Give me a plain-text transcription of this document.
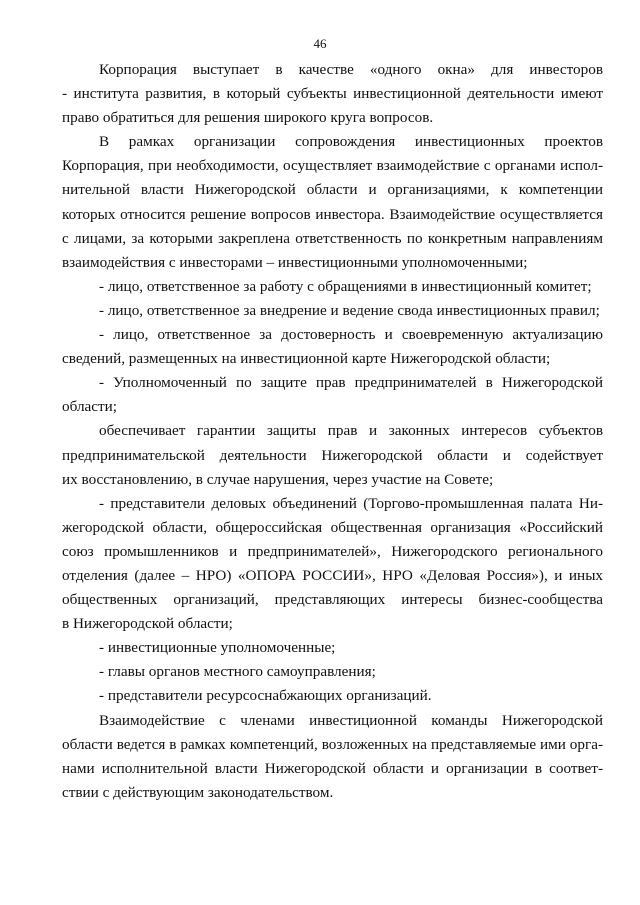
46
Корпорация выступает в качестве «одного окна» для инвесторов
- института развития, в который субъекты инвестиционной деятельности имеют
право обратиться для решения широкого круга вопросов.
В рамках организации сопровождения инвестиционных проектов
Корпорация, при необходимости, осуществляет взаимодействие с органами испол-
нительной власти Нижегородской области и организациями, к компетенции
которых относится решение вопросов инвестора. Взаимодействие осуществляется
с лицами, за которыми закреплена ответственность по конкретным направлениям
взаимодействия с инвесторами – инвестиционными уполномоченными;
- лицо, ответственное за работу с обращениями в инвестиционный комитет;
- лицо, ответственное за внедрение и ведение свода инвестиционных правил;
- лицо, ответственное за достоверность и своевременную актуализацию
сведений, размещенных на инвестиционной карте Нижегородской области;
- Уполномоченный по защите прав предпринимателей в Нижегородской
области;
обеспечивает гарантии защиты прав и законных интересов субъектов
предпринимательской деятельности Нижегородской области и содействует
их восстановлению, в случае нарушения, через участие на Совете;
- представители деловых объединений (Торгово-промышленная палата Ни-
жегородской области, общероссийская общественная организация «Российский
союз промышленников и предпринимателей», Нижегородского регионального
отделения (далее – НРО) «ОПОРА РОССИИ», НРО «Деловая Россия»), и иных
общественных организаций, представляющих интересы бизнес-сообщества
в Нижегородской области;
- инвестиционные уполномоченные;
- главы органов местного самоуправления;
- представители ресурсоснабжающих организаций.
Взаимодействие с членами инвестиционной команды Нижегородской
области ведется в рамках компетенций, возложенных на представляемые ими орга-
нами исполнительной власти Нижегородской области и организации в соответ-
ствии с действующим законодательством.
